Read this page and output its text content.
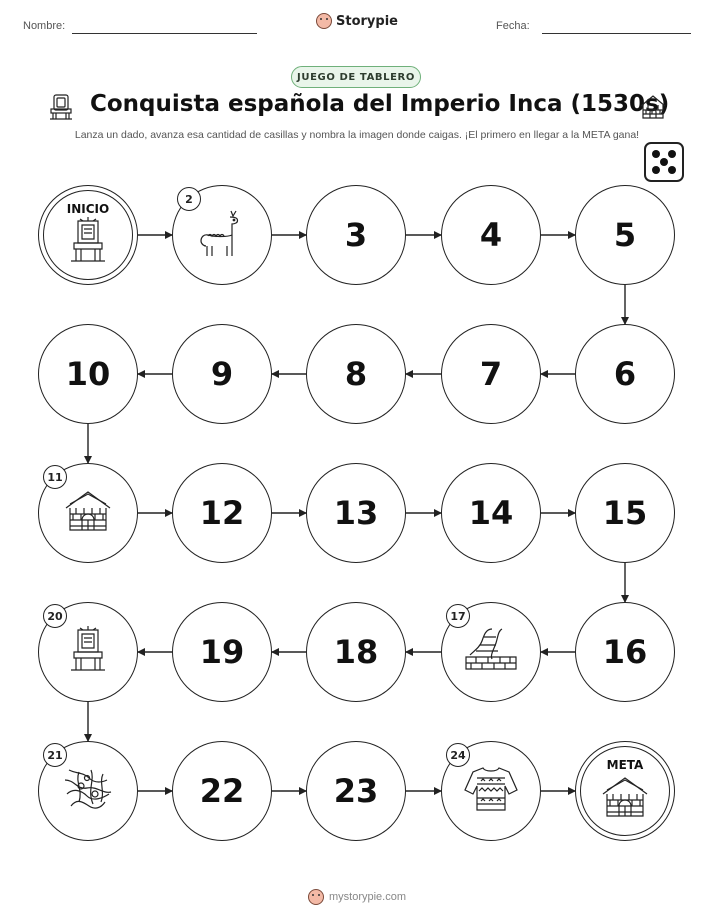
Nombre:	Storypie	Fecha:
JUEGO DE TABLERO
Conquista española del Imperio Inca (1530s)
Lanza un dado, avanza esa cantidad de casillas y nombra la imagen donde caigas. ¡El primero en llegar a la META gana!
INICIO
2
3	4	5
6
7
8
9
10
11
12	13	14	15
16
17
18
19
20
21
22	23
24
META
mystorypie.com
